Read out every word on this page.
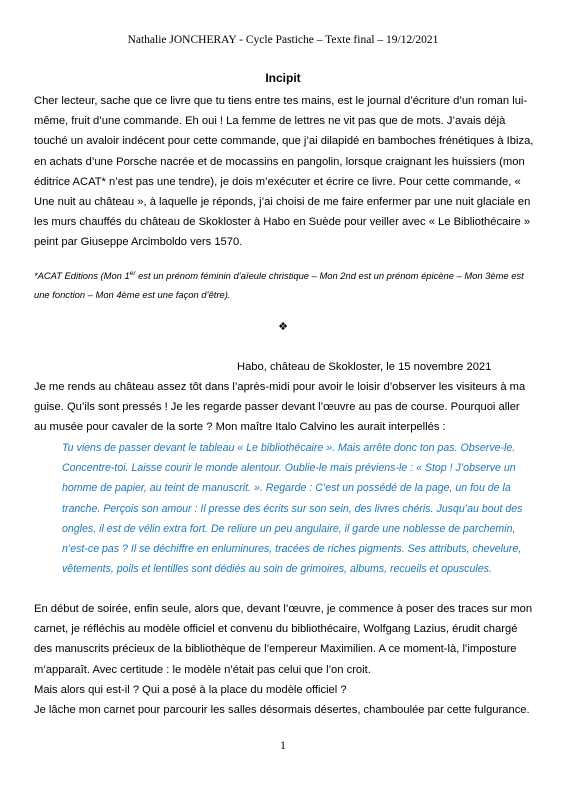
Nathalie JONCHERAY - Cycle Pastiche – Texte final – 19/12/2021
Incipit
Cher lecteur, sache que ce livre que tu tiens entre tes mains, est le journal d’écriture d’un roman lui-même, fruit d’une commande. Eh oui ! La femme de lettres ne vit pas que de mots. J’avais déjà touché un avaloir indécent pour cette commande, que j’ai dilapidé en bamboches frénétiques à Ibiza, en achats d’une Porsche nacrée et de mocassins en pangolin, lorsque craignant les huissiers (mon éditrice ACAT* n’est pas une tendre), je dois m’exécuter et écrire ce livre. Pour cette commande, « Une nuit au château », à laquelle je réponds, j’ai choisi de me faire enfermer par une nuit glaciale en les murs chauffés du château de Skokloster à Habo en Suède pour veiller avec « Le Bibliothécaire » peint par Giuseppe Arcimboldo vers 1570.
*ACAT Editions (Mon 1er est un prénom féminin d’aïeule christique – Mon 2nd est un prénom épicène – Mon 3ème est une fonction – Mon 4ème est une façon d’être).
❖
Habo, château de Skokloster, le 15 novembre 2021
Je me rends au château assez tôt dans l’après-midi pour avoir le loisir d’observer les visiteurs à ma guise. Qu’ils sont pressés ! Je les regarde passer devant l’œuvre au pas de course. Pourquoi aller au musée pour cavaler de la sorte ? Mon maître Italo Calvino les aurait interpellés :
Tu viens de passer devant le tableau « Le bibliothécaire ». Mais arrête donc ton pas. Observe-le. Concentre-toi. Laisse courir le monde alentour. Oublie-le mais préviens-le : « Stop ! J’observe un homme de papier, au teint de manuscrit. ». Regarde : C’est un possédé de la page, un fou de la tranche. Perçois son amour : Il presse des écrits sur son sein, des livres chéris. Jusqu’au bout des ongles, il est de vélin extra fort. De reliure un peu angulaire, il garde une noblesse de parchemin, n’est-ce pas ? Il se déchiffre en enluminures, tracées de riches pigments. Ses attributs, chevelure, vêtements, poils et lentilles sont dédiés au soin de grimoires, albums, recueils et opuscules.
En début de soirée, enfin seule, alors que, devant l’œuvre, je commence à poser des traces sur mon carnet, je réfléchis au modèle officiel et convenu du bibliothécaire, Wolfgang Lazius, érudit chargé des manuscrits précieux de la bibliothèque de l’empereur Maximilien. A ce moment-là, l’imposture m’apparaît. Avec certitude : le modèle n’était pas celui que l’on croit.
Mais alors qui est-il ? Qui a posé à la place du modèle officiel ?
Je lâche mon carnet pour parcourir les salles désormais désertes, chamboulée par cette fulgurance.
1
